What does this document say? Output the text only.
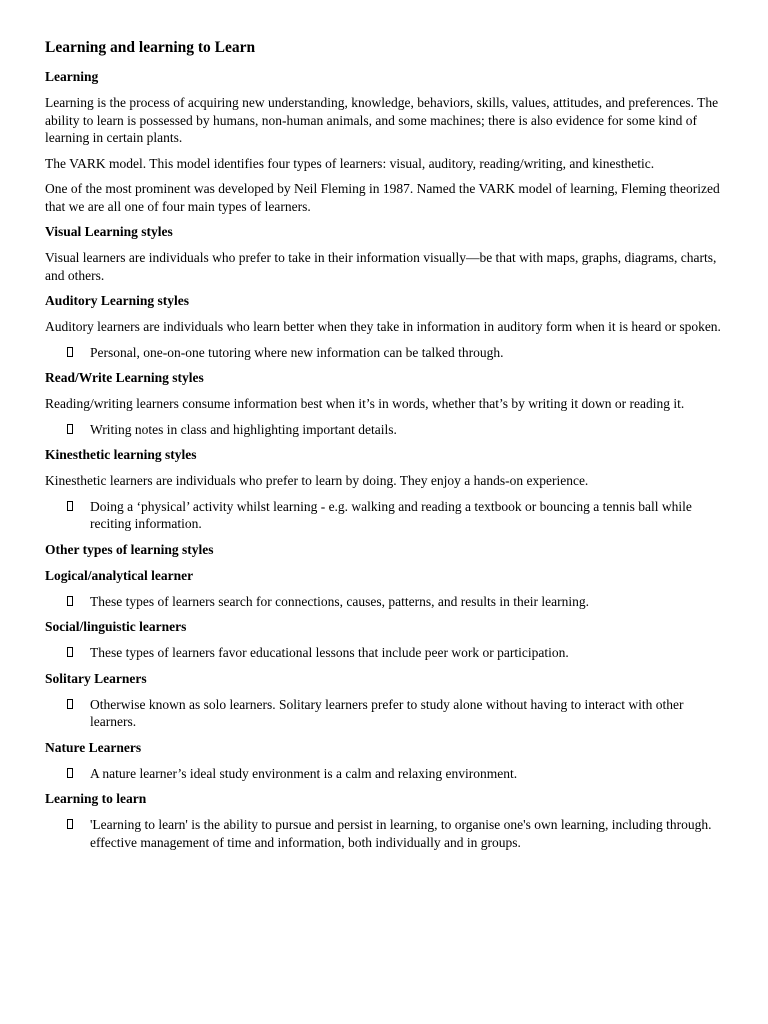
Learning and learning to Learn
Learning
Learning is the process of acquiring new understanding, knowledge, behaviors, skills, values, attitudes, and preferences. The ability to learn is possessed by humans, non-human animals, and some machines; there is also evidence for some kind of learning in certain plants.
The VARK model. This model identifies four types of learners: visual, auditory, reading/writing, and kinesthetic.
One of the most prominent was developed by Neil Fleming in 1987. Named the VARK model of learning, Fleming theorized that we are all one of four main types of learners.
Visual Learning styles
Visual learners are individuals who prefer to take in their information visually—be that with maps, graphs, diagrams, charts, and others.
Auditory Learning styles
Auditory learners are individuals who learn better when they take in information in auditory form when it is heard or spoken.
Personal, one-on-one tutoring where new information can be talked through.
Read/Write Learning styles
Reading/writing learners consume information best when it’s in words, whether that’s by writing it down or reading it.
Writing notes in class and highlighting important details.
Kinesthetic learning styles
Kinesthetic learners are individuals who prefer to learn by doing. They enjoy a hands-on experience.
Doing a ‘physical’ activity whilst learning - e.g. walking and reading a textbook or bouncing a tennis ball while reciting information.
Other types of learning styles
Logical/analytical learner
These types of learners search for connections, causes, patterns, and results in their learning.
Social/linguistic learners
These types of learners favor educational lessons that include peer work or participation.
Solitary Learners
Otherwise known as solo learners. Solitary learners prefer to study alone without having to interact with other learners.
Nature Learners
A nature learner’s ideal study environment is a calm and relaxing environment.
Learning to learn
'Learning to learn' is the ability to pursue and persist in learning, to organise one's own learning, including through. effective management of time and information, both individually and in groups.
